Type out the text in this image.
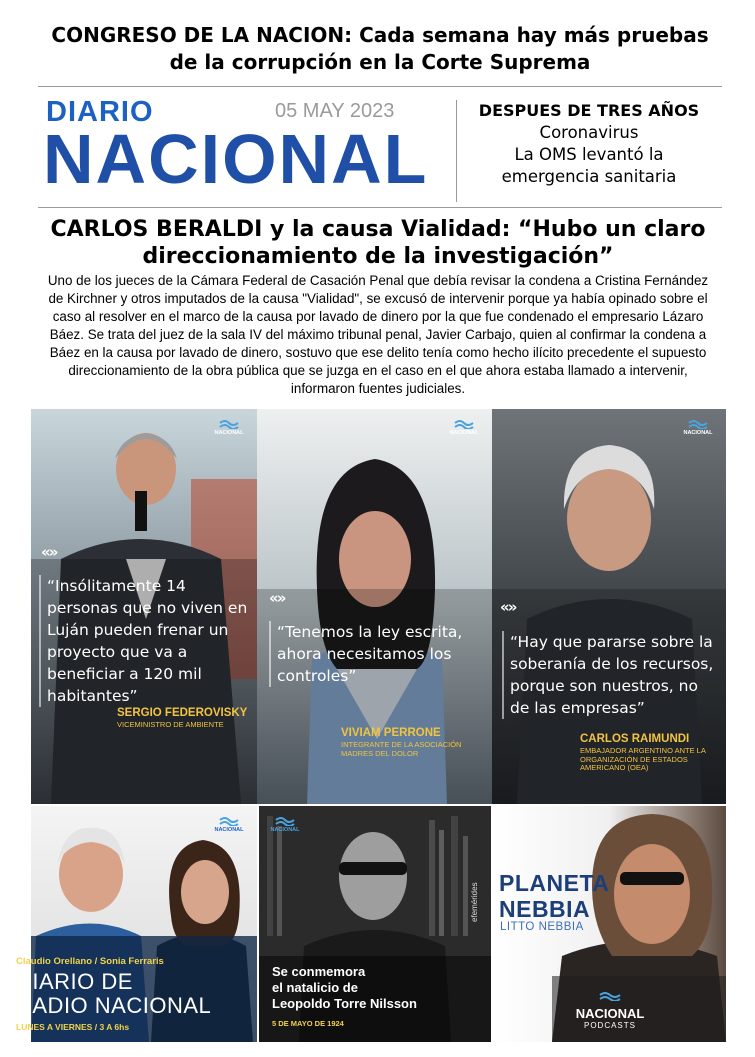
CONGRESO DE LA NACION: Cada semana hay más pruebas de la corrupción en la Corte Suprema
DIARIO
NACIONAL
05 MAY 2023	DESPUES DE TRES AÑOS
Coronavirus
La OMS levantó la
emergencia sanitaria
CARLOS BERALDI y la causa Vialidad: “Hubo un claro direccionamiento de la investigación”
Uno de los jueces de la Cámara Federal de Casación Penal que debía revisar la condena a Cristina Fernández de Kirchner y otros imputados de la causa "Vialidad", se excusó de intervenir porque ya había opinado sobre el caso al resolver en el marco de la causa por lavado de dinero por la que fue condenado el empresario Lázaro Báez. Se trata del juez de la sala IV del máximo tribunal penal, Javier Carbajo, quien al confirmar la condena a Báez en la causa por lavado de dinero, sostuvo que ese delito tenía como hecho ilícito precedente el supuesto direccionamiento de la obra pública que se juzga en el caso en el que ahora estaba llamado a intervenir, informaron fuentes judiciales.
NACIONAL
«»
“Insólitamente 14 personas que no viven en Luján pueden frenar un proyecto que va a beneficiar a 120 mil habitantes”
SERGIO FEDEROVISKY
VICEMINISTRO DE AMBIENTE
NACIONAL
«»
“Tenemos la ley escrita, ahora necesitamos los controles”
VIVIAM PERRONE
INTEGRANTE DE LA ASOCIACIÓN MADRES DEL DOLOR
NACIONAL
«»
“Hay que pararse sobre la soberanía de los recursos, porque son nuestros, no de las empresas”
CARLOS RAIMUNDI
EMBAJADOR ARGENTINO ANTE LA ORGANIZACIÓN DE ESTADOS AMERICANO (OEA)
NACIONAL
Claudio Orellano / Sonia Ferraris
DIARIO DE
RADIO NACIONAL
LUNES A VIERNES / 3 A 6hs
NACIONAL
efemérides
Se conmemora
el natalicio de
Leopoldo Torre Nilsson
5 DE MAYO DE 1924
PLANETA
NEBBIA
LITTO NEBBIA
NACIONAL
PODCASTS
